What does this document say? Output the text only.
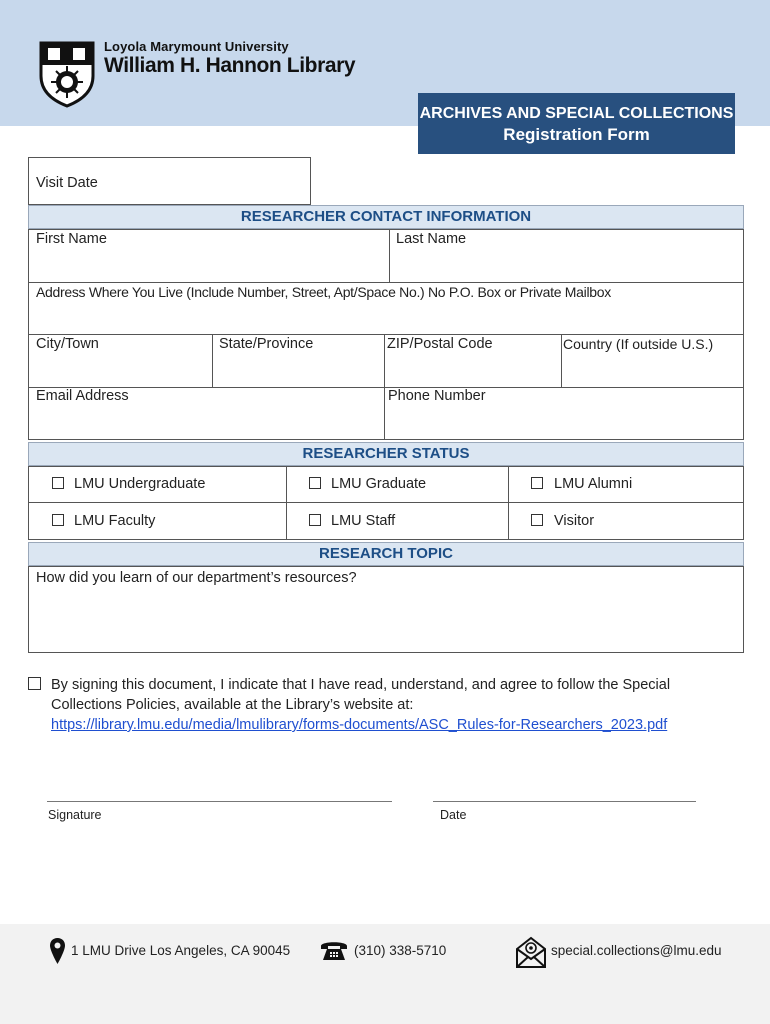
Loyola Marymount University
William H. Hannon Library
ARCHIVES AND SPECIAL COLLECTIONS
Registration Form
Visit Date
RESEARCHER CONTACT INFORMATION
First Name	Last Name
Address Where You Live (Include Number, Street, Apt/Space No.) No P.O. Box or Private Mailbox
City/Town	State/Province	ZIP/Postal Code	Country (If outside U.S.)
Email Address	Phone Number
RESEARCHER STATUS
LMU Undergraduate	LMU Graduate	LMU Alumni
LMU Faculty	LMU Staff	Visitor
RESEARCH TOPIC
How did you learn of our department’s resources?
By signing this document, I indicate that I have read, understand, and agree to follow the Special
Collections Policies, available at the Library’s website at:
https://library.lmu.edu/media/lmulibrary/forms-documents/ASC_Rules-for-Researchers_2023.pdf
Signature	Date
1 LMU Drive Los Angeles, CA 90045	(310) 338-5710	special.collections@lmu.edu
